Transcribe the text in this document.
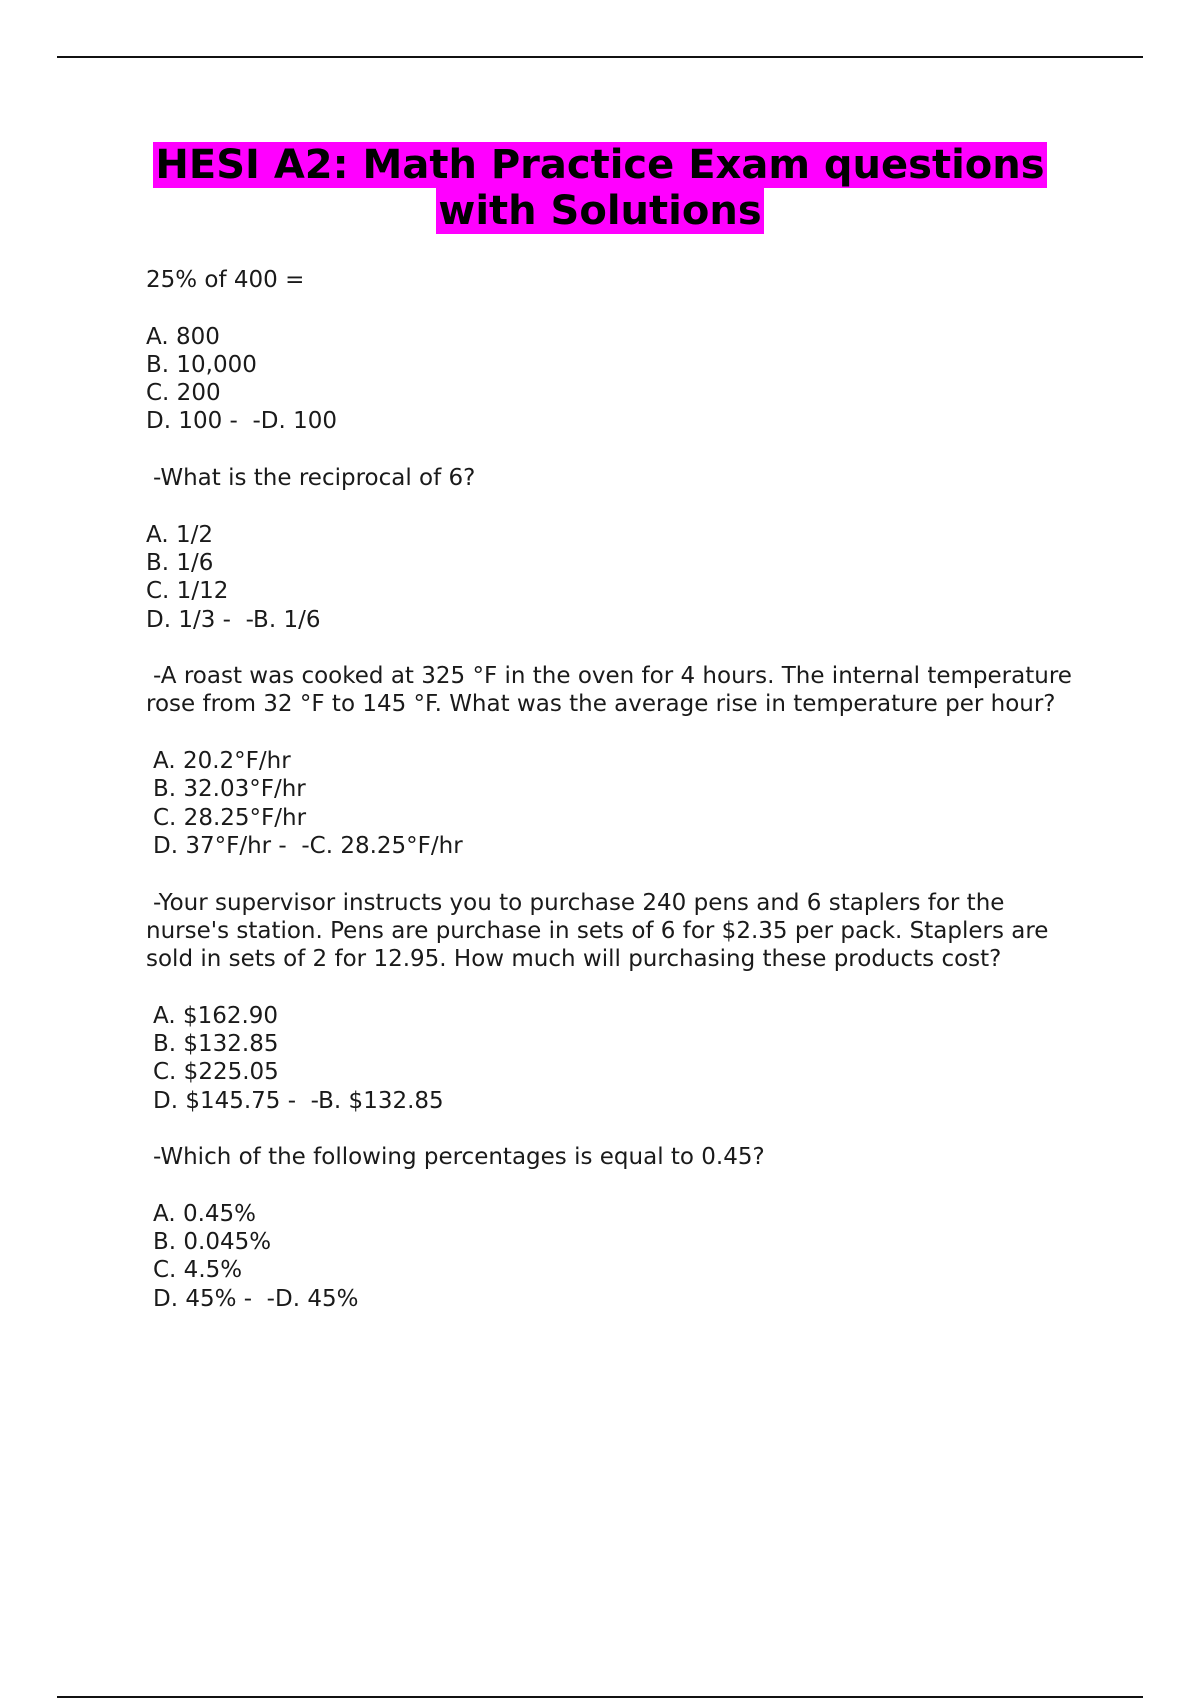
HESI A2: Math Practice Exam questions
with Solutions
25% of 400 =
A. 800
B. 10,000
C. 200
D. 100 -  -D. 100
-What is the reciprocal of 6?
A. 1/2
B. 1/6
C. 1/12
D. 1/3 -  -B. 1/6
-A roast was cooked at 325 °F in the oven for 4 hours. The internal temperature rose from 32 °F to 145 °F. What was the average rise in temperature per hour?
A. 20.2°F/hr
B. 32.03°F/hr
C. 28.25°F/hr
D. 37°F/hr -  -C. 28.25°F/hr
-Your supervisor instructs you to purchase 240 pens and 6 staplers for the nurse's station. Pens are purchase in sets of 6 for $2.35 per pack. Staplers are sold in sets of 2 for 12.95. How much will purchasing these products cost?
A. $162.90
B. $132.85
C. $225.05
D. $145.75 -  -B. $132.85
-Which of the following percentages is equal to 0.45?
A. 0.45%
B. 0.045%
C. 4.5%
D. 45% -  -D. 45%
